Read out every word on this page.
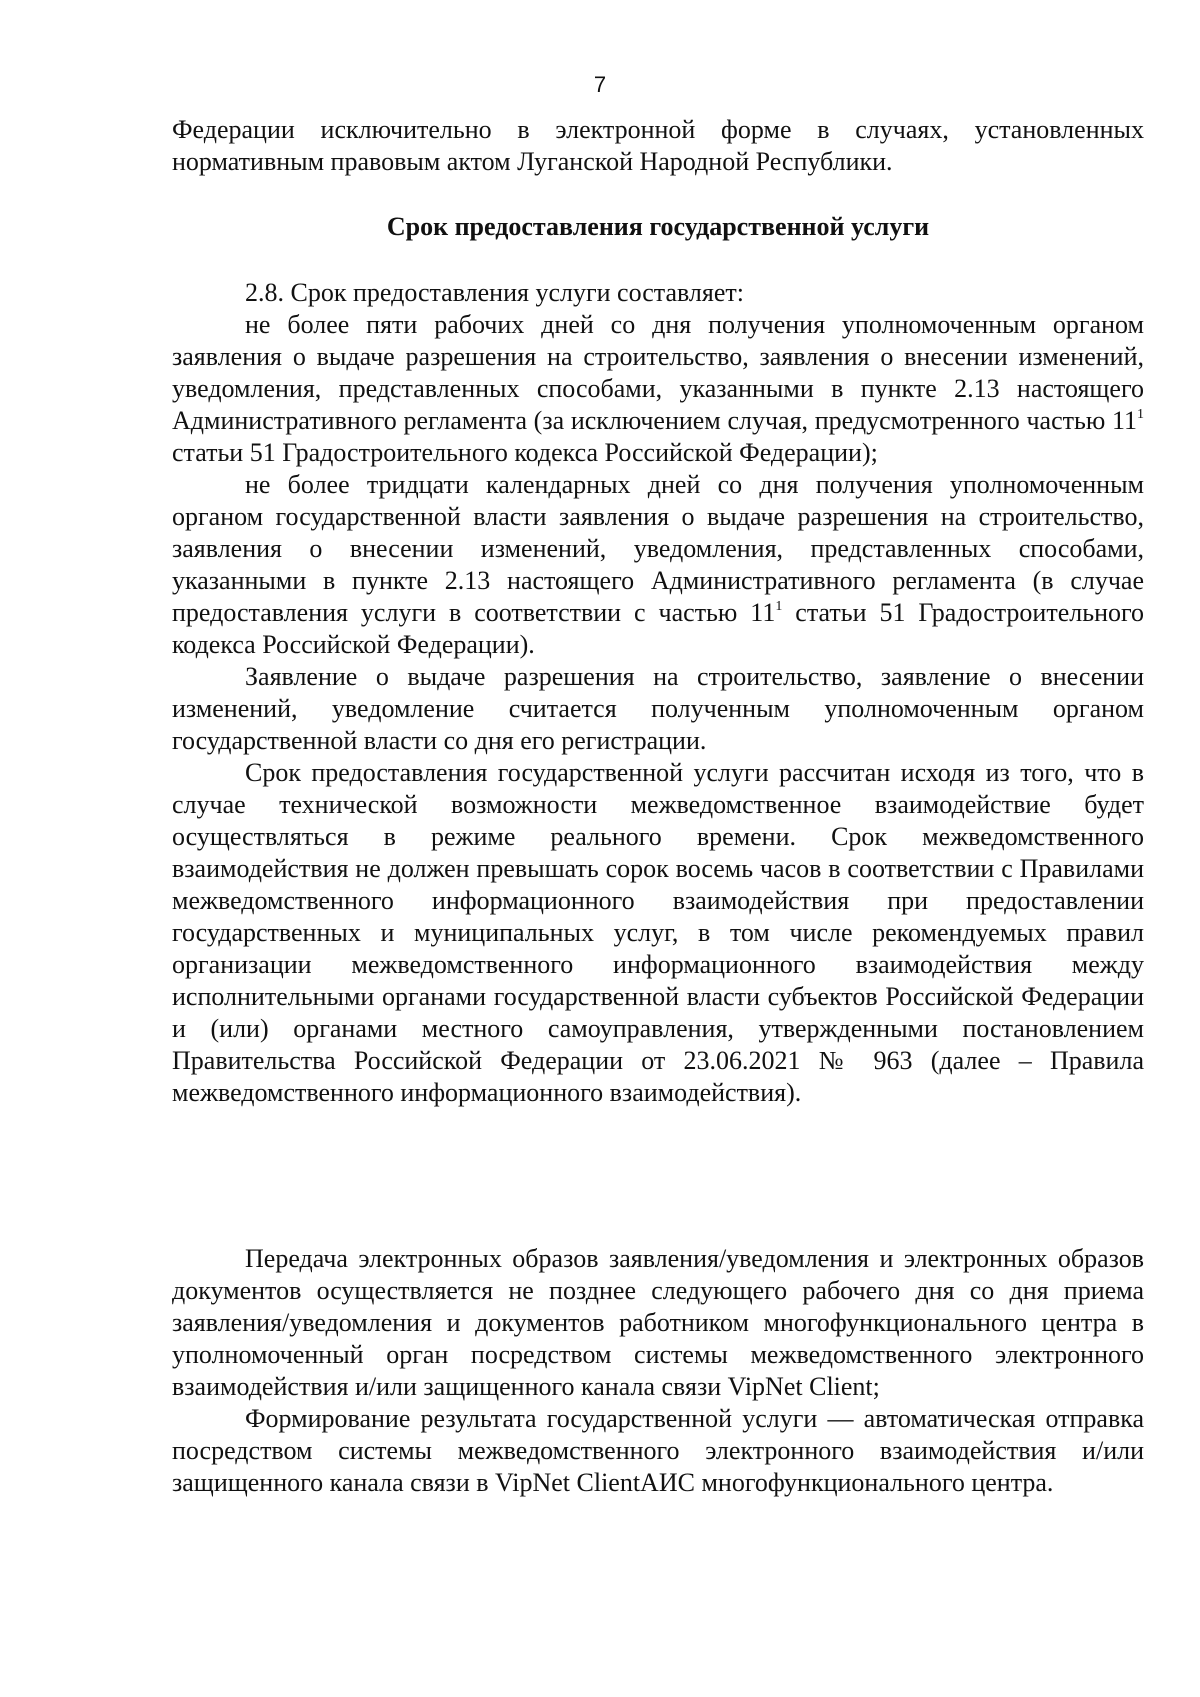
7

Федерации исключительно в электронной форме в случаях, установленных нормативным правовым актом Луганской Народной Республики.

Срок предоставления государственной услуги

2.8. Срок предоставления услуги составляет:

не более пяти рабочих дней со дня получения уполномоченным органом заявления о выдаче разрешения на строительство, заявления о внесении изменений, уведомления, представленных способами, указанными в пункте 2.13 настоящего Административного регламента (за исключением случая, предусмотренного частью $11^1$ статьи 51 Градостроительного кодекса Российской Федерации);

не более тридцати календарных дней со дня получения уполномоченным органом государственной власти заявления о выдаче разрешения на строительство, заявления о внесении изменений, уведомления, представленных способами, указанными в пункте 2.13 настоящего Административного регламента (в случае предоставления услуги в соответствии с частью $11^1$ статьи 51 Градостроительного кодекса Российской Федерации).

Заявление о выдаче разрешения на строительство, заявление о внесении изменений, уведомление считается полученным уполномоченным органом государственной власти со дня его регистрации.

Срок предоставления государственной услуги рассчитан исходя из того, что в случае технической возможности межведомственное взаимодействие будет осуществляться в режиме реального времени. Срок межведомственного взаимодействия не должен превышать сорок восемь часов в соответствии с Правилами межведомственного информационного взаимодействия при предоставлении государственных и муниципальных услуг, в том числе рекомендуемых правил организации межведомственного информационного взаимодействия между исполнительными органами государственной власти субъектов Российской Федерации и (или) органами местного самоуправления, утвержденными постановлением Правительства Российской Федерации от 23.06.2021 № 963 (далее – Правила межведомственного информационного взаимодействия).

Передача электронных образов заявления/уведомления и электронных образов документов осуществляется не позднее следующего рабочего дня со дня приема заявления/уведомления и документов работником многофункционального центра в уполномоченный орган посредством системы межведомственного электронного взаимодействия и/или защищенного канала связи VipNet Client;

Формирование результата государственной услуги — автоматическая отправка посредством системы межведомственного электронного взаимодействия и/или защищенного канала связи в VipNet ClientАИС многофункционального центра.
